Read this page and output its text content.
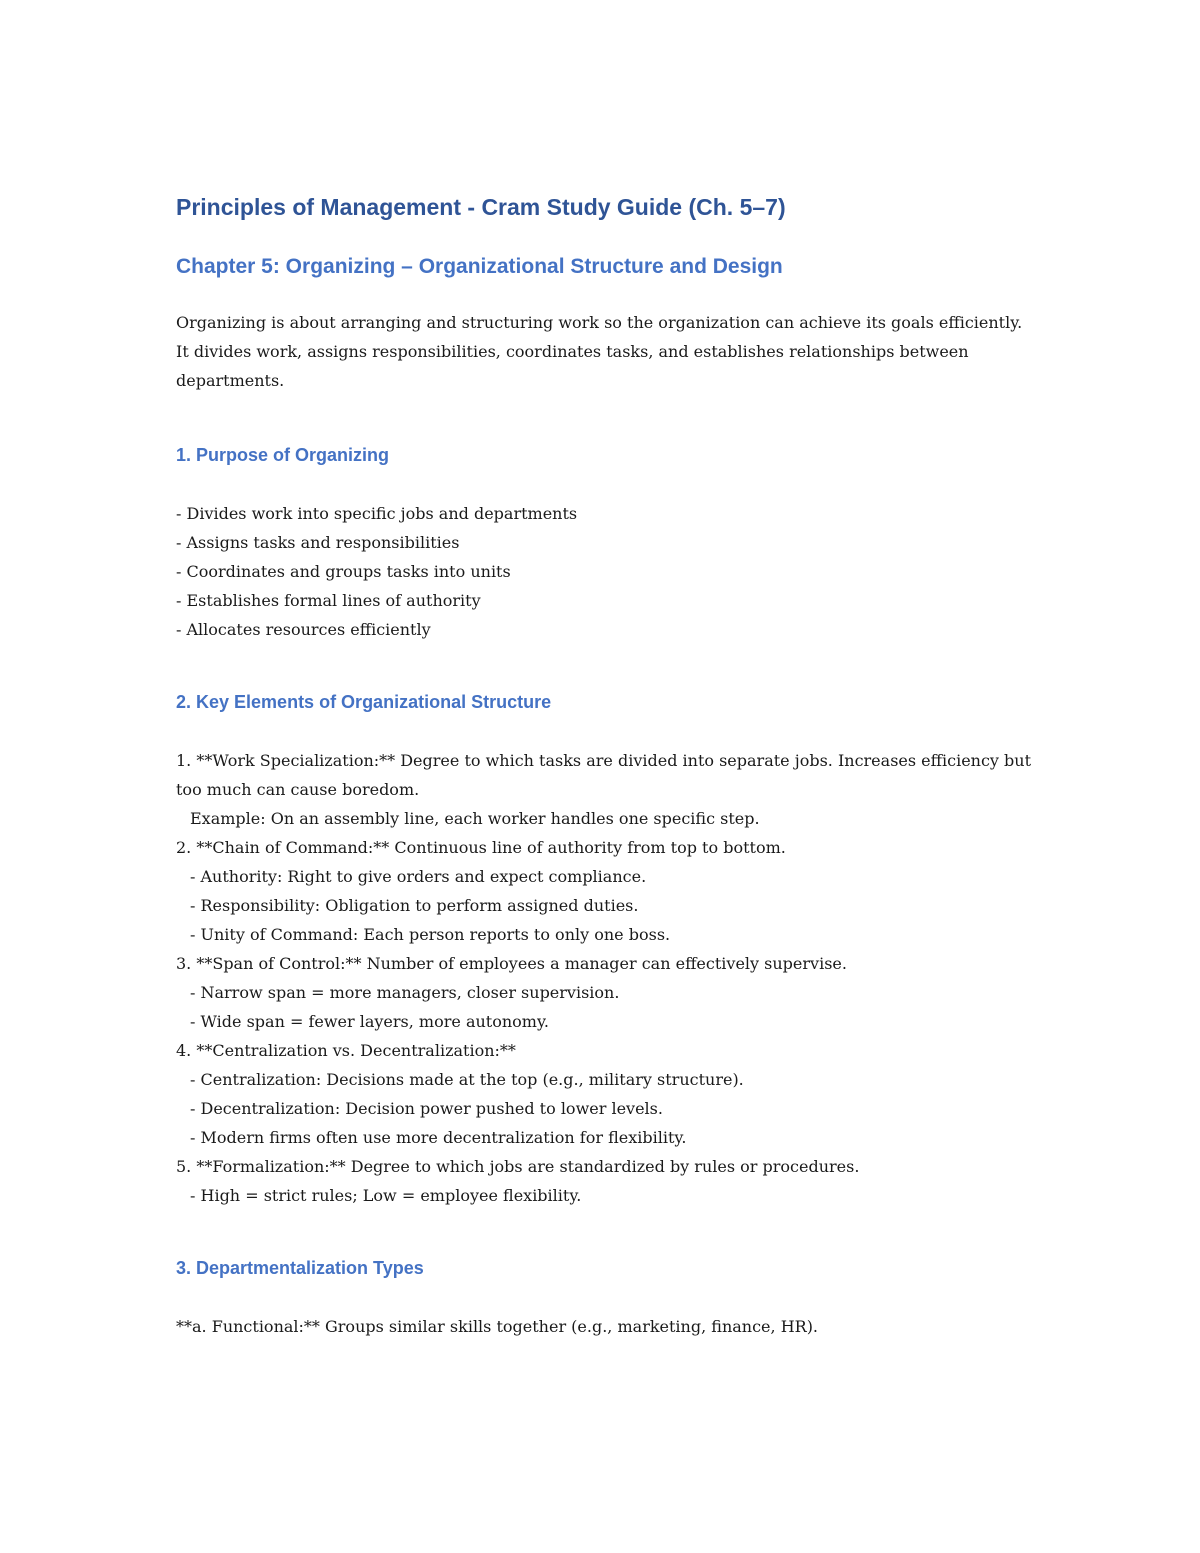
Principles of Management - Cram Study Guide (Ch. 5–7)
Chapter 5: Organizing – Organizational Structure and Design

Organizing is about arranging and structuring work so the organization can achieve its goals efficiently.

It divides work, assigns responsibilities, coordinates tasks, and establishes relationships between departments.

1. Purpose of Organizing
- Divides work into specific jobs and departments
- Assigns tasks and responsibilities
- Coordinates and groups tasks into units
- Establishes formal lines of authority
- Allocates resources efficiently
2. Key Elements of Organizational Structure

1. **Work Specialization:** Degree to which tasks are divided into separate jobs. Increases efficiency but too much can cause boredom.

Example: On an assembly line, each worker handles one specific step.
2. **Chain of Command:** Continuous line of authority from top to bottom.
- Authority: Right to give orders and expect compliance.
- Responsibility: Obligation to perform assigned duties.
- Unity of Command: Each person reports to only one boss.
3. **Span of Control:** Number of employees a manager can effectively supervise.
- Narrow span = more managers, closer supervision.
- Wide span = fewer layers, more autonomy.
4. **Centralization vs. Decentralization:**
- Centralization: Decisions made at the top (e.g., military structure).
- Decentralization: Decision power pushed to lower levels.
- Modern firms often use more decentralization for flexibility.
5. **Formalization:** Degree to which jobs are standardized by rules or procedures.
- High = strict rules; Low = employee flexibility.
3. Departmentalization Types
**a. Functional:** Groups similar skills together (e.g., marketing, finance, HR).
